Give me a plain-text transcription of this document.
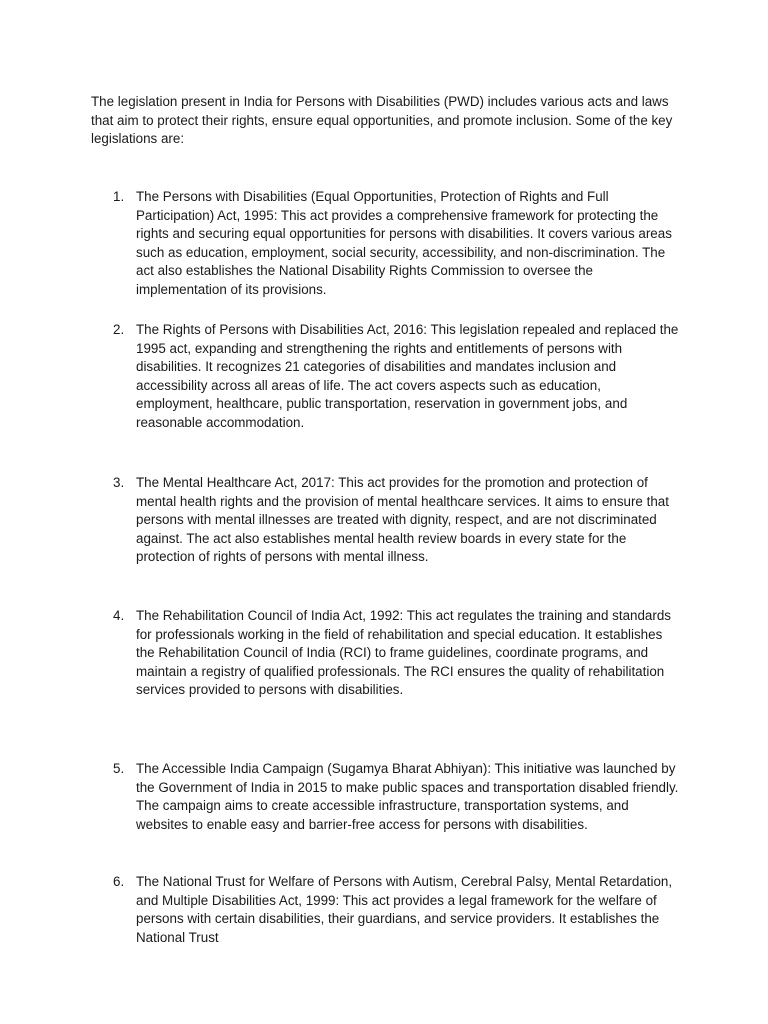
The legislation present in India for Persons with Disabilities (PWD) includes various acts and laws that aim to protect their rights, ensure equal opportunities, and promote inclusion. Some of the key legislations are:

1. The Persons with Disabilities (Equal Opportunities, Protection of Rights and Full Participation) Act, 1995: This act provides a comprehensive framework for protecting the rights and securing equal opportunities for persons with disabilities. It covers various areas such as education, employment, social security, accessibility, and non-discrimination. The act also establishes the National Disability Rights Commission to oversee the implementation of its provisions.
2. The Rights of Persons with Disabilities Act, 2016: This legislation repealed and replaced the 1995 act, expanding and strengthening the rights and entitlements of persons with disabilities. It recognizes 21 categories of disabilities and mandates inclusion and accessibility across all areas of life. The act covers aspects such as education, employment, healthcare, public transportation, reservation in government jobs, and reasonable accommodation.
3. The Mental Healthcare Act, 2017: This act provides for the promotion and protection of mental health rights and the provision of mental healthcare services. It aims to ensure that persons with mental illnesses are treated with dignity, respect, and are not discriminated against. The act also establishes mental health review boards in every state for the protection of rights of persons with mental illness.
4. The Rehabilitation Council of India Act, 1992: This act regulates the training and standards for professionals working in the field of rehabilitation and special education. It establishes the Rehabilitation Council of India (RCI) to frame guidelines, coordinate programs, and maintain a registry of qualified professionals. The RCI ensures the quality of rehabilitation services provided to persons with disabilities.
5. The Accessible India Campaign (Sugamya Bharat Abhiyan): This initiative was launched by the Government of India in 2015 to make public spaces and transportation disabled friendly. The campaign aims to create accessible infrastructure, transportation systems, and websites to enable easy and barrier-free access for persons with disabilities.
6. The National Trust for Welfare of Persons with Autism, Cerebral Palsy, Mental Retardation, and Multiple Disabilities Act, 1999: This act provides a legal framework for the welfare of persons with certain disabilities, their guardians, and service providers. It establishes the National Trust
